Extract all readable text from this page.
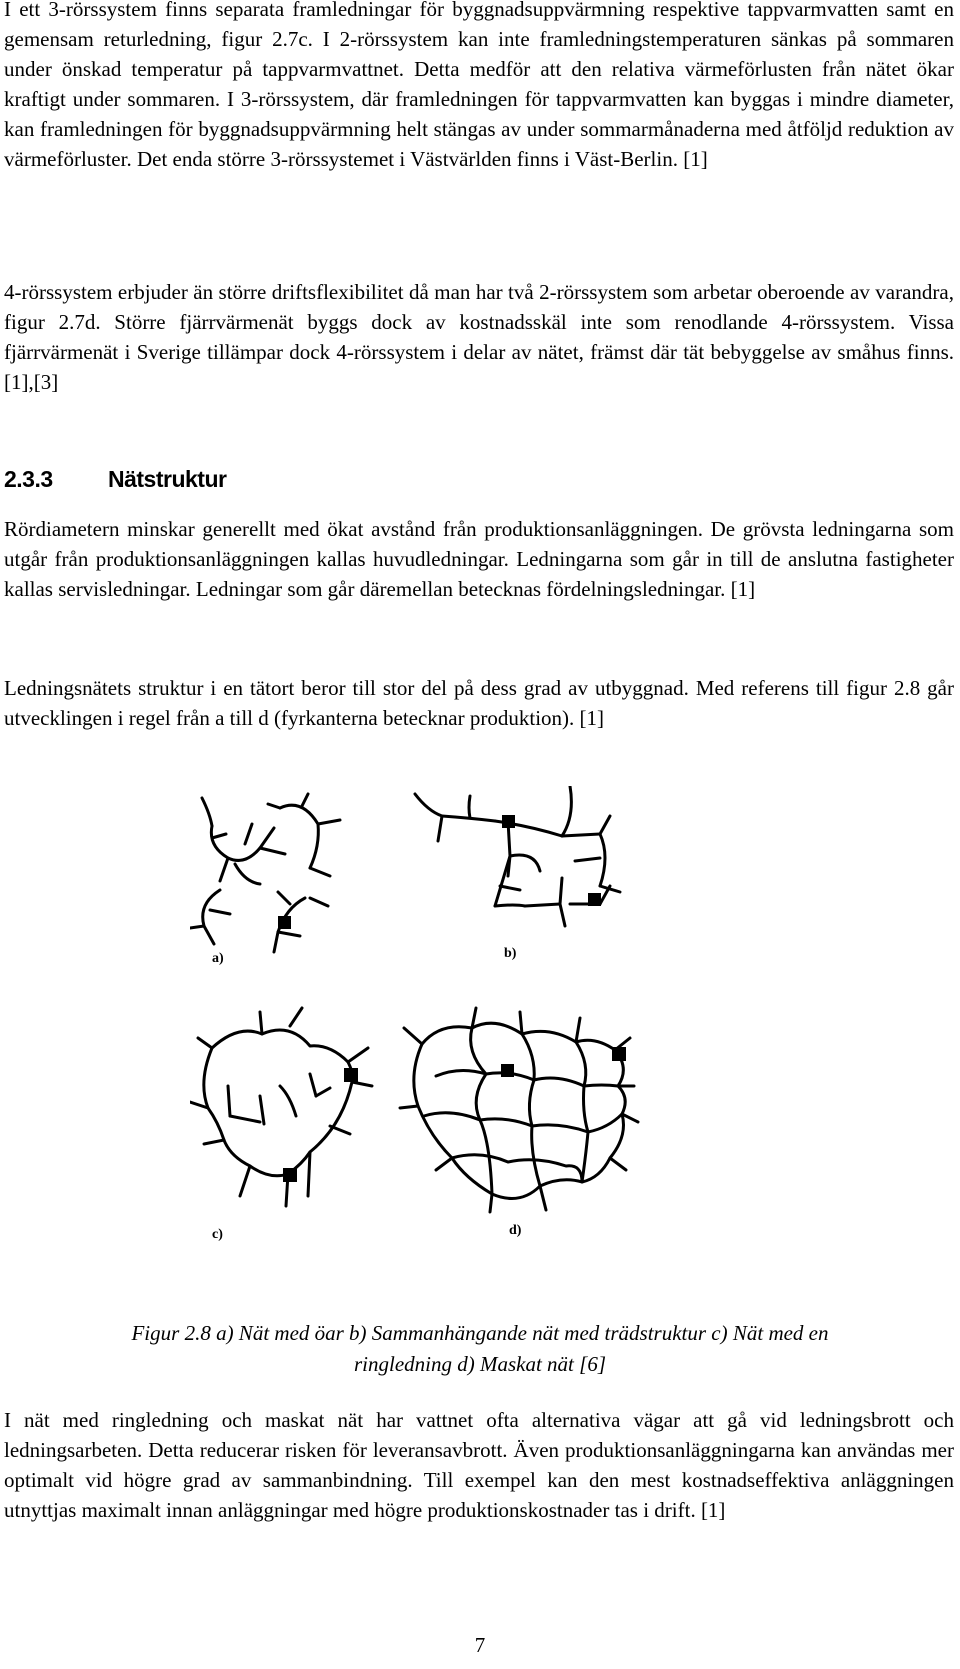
I ett 3-rörssystem finns separata framledningar för byggnadsuppvärmning respektive tappvarmvatten samt en gemensam returledning, figur 2.7c. I 2-rörssystem kan inte framledningstemperaturen sänkas på sommaren under önskad temperatur på tappvarmvattnet. Detta medför att den relativa värmeförlusten från nätet ökar kraftigt under sommaren. I 3-rörssystem, där framledningen för tappvarmvatten kan byggas i mindre diameter, kan framledningen för byggnadsuppvärmning helt stängas av under sommarmånaderna med åtföljd reduktion av värmeförluster. Det enda större 3-rörssystemet i Västvärlden finns i Väst-Berlin. [1]

4-rörssystem erbjuder än större driftsflexibilitet då man har två 2-rörssystem som arbetar oberoende av varandra, figur 2.7d. Större fjärrvärmenät byggs dock av kostnadsskäl inte som renodlande 4-rörssystem. Vissa fjärrvärmenät i Sverige tillämpar dock 4-rörssystem i delar av nätet, främst där tät bebyggelse av småhus finns. [1],[3]

2.3.3 Nätstruktur

Rördiametern minskar generellt med ökat avstånd från produktionsanläggningen. De grövsta ledningarna som utgår från produktionsanläggningen kallas huvudledningar. Ledningarna som går in till de anslutna fastigheter kallas servisledningar. Ledningar som går däremellan betecknas fördelningsledningar. [1]

Ledningsnätets struktur i en tätort beror till stor del på dess grad av utbyggnad. Med referens till figur 2.8 går utvecklingen i regel från a till d (fyrkanterna betecknar produktion). [1]

a)	b)
c)	d)

Figur 2.8 a) Nät med öar b) Sammanhängande nät med trädstruktur c) Nät med en
ringledning d) Maskat nät [6]

I nät med ringledning och maskat nät har vattnet ofta alternativa vägar att gå vid ledningsbrott och ledningsarbeten. Detta reducerar risken för leveransavbrott. Även produktionsanläggningarna kan användas mer optimalt vid högre grad av sammanbindning. Till exempel kan den mest kostnadseffektiva anläggningen utnyttjas maximalt innan anläggningar med högre produktionskostnader tas i drift. [1]

7
